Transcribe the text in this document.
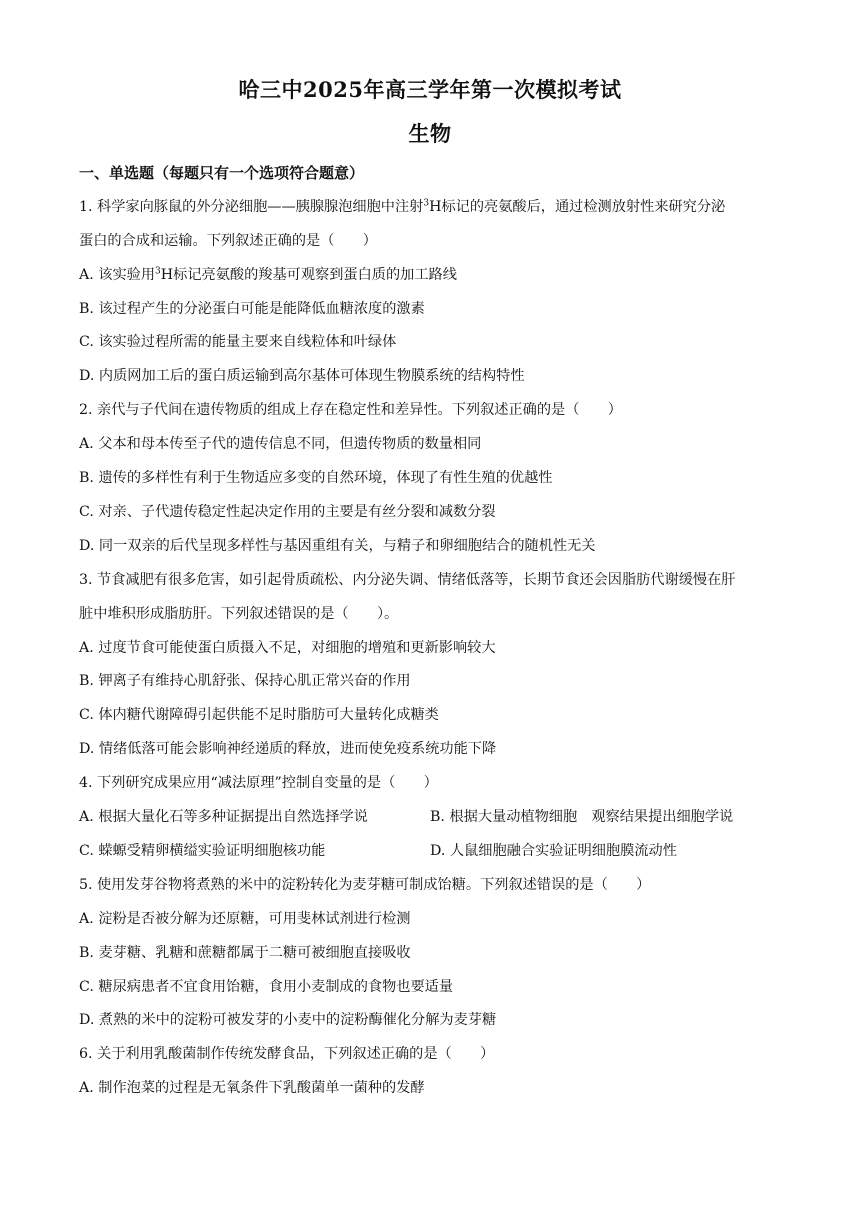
哈三中2025年高三学年第一次模拟考试
生物
一、单选题（每题只有一个选项符合题意）
1. 科学家向豚鼠的外分泌细胞——胰腺腺泡细胞中注射$^3$H标记的亮氨酸后，通过检测放射性来研究分泌
蛋白的合成和运输。下列叙述正确的是（　　）
A. 该实验用$^3$H标记亮氨酸的羧基可观察到蛋白质的加工路线
B. 该过程产生的分泌蛋白可能是能降低血糖浓度的激素
C. 该实验过程所需的能量主要来自线粒体和叶绿体
D. 内质网加工后的蛋白质运输到高尔基体可体现生物膜系统的结构特性
2. 亲代与子代间在遗传物质的组成上存在稳定性和差异性。下列叙述正确的是（　　）
A. 父本和母本传至子代的遗传信息不同，但遗传物质的数量相同
B. 遗传的多样性有利于生物适应多变的自然环境，体现了有性生殖的优越性
C. 对亲、子代遗传稳定性起决定作用的主要是有丝分裂和减数分裂
D. 同一双亲的后代呈现多样性与基因重组有关，与精子和卵细胞结合的随机性无关
3. 节食减肥有很多危害，如引起骨质疏松、内分泌失调、情绪低落等，长期节食还会因脂肪代谢缓慢在肝
脏中堆积形成脂肪肝。下列叙述错误的是（　　）。
A. 过度节食可能使蛋白质摄入不足，对细胞的增殖和更新影响较大
B. 钾离子有维持心肌舒张、保持心肌正常兴奋的作用
C. 体内糖代谢障碍引起供能不足时脂肪可大量转化成糖类
D. 情绪低落可能会影响神经递质的释放，进而使免疫系统功能下降
4. 下列研究成果应用“减法原理”控制自变量的是（　　）
A. 根据大量化石等多种证据提出自然选择学说	B. 根据大量动植物细胞　观察结果提出细胞学说
C. 蝾螈受精卵横缢实验证明细胞核功能	D. 人鼠细胞融合实验证明细胞膜流动性
5. 使用发芽谷物将煮熟的米中的淀粉转化为麦芽糖可制成饴糖。下列叙述错误的是（　　）
A. 淀粉是否被分解为还原糖，可用斐林试剂进行检测
B. 麦芽糖、乳糖和蔗糖都属于二糖可被细胞直接吸收
C. 糖尿病患者不宜食用饴糖，食用小麦制成的食物也要适量
D. 煮熟的米中的淀粉可被发芽的小麦中的淀粉酶催化分解为麦芽糖
6. 关于利用乳酸菌制作传统发酵食品，下列叙述正确的是（　　）
A. 制作泡菜的过程是无氧条件下乳酸菌单一菌种的发酵
